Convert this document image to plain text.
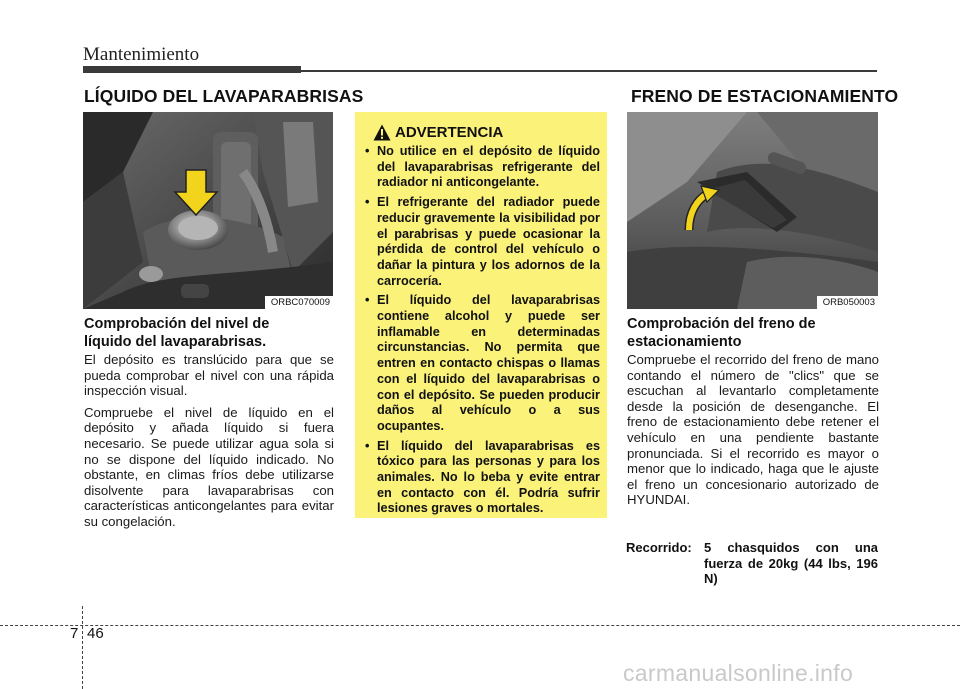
Mantenimiento
LÍQUIDO DEL LAVAPARABRISAS	FRENO DE ESTACIONAMIENTO
ORBC070009
Comprobación del nivel de
líquido del lavaparabrisas.

El depósito es translúcido para que se pueda comprobar el nivel con una rápida inspección visual.

Compruebe el nivel de líquido en el depósito y añada líquido si fuera necesario. Se puede utilizar agua sola si no se dispone del líquido indicado. No obstante, en climas fríos debe utilizarse disolvente para lavaparabrisas con características anticongelantes para evitar su congelación.

ADVERTENCIA
• No utilice en el depósito de líquido del lavaparabrisas refrigerante del radiador ni anticongelante.
• El refrigerante del radiador puede reducir gravemente la visibilidad por el parabrisas y puede ocasionar la pérdida de control del vehículo o dañar la pintura y los adornos de la carrocería.
• El líquido del lavaparabrisas contiene alcohol y puede ser inflamable en determinadas circunstancias. No permita que entren en contacto chispas o llamas con el líquido del lavaparabrisas o con el depósito. Se pueden producir daños al vehículo o a sus ocupantes.
• El líquido del lavaparabrisas es tóxico para las personas y para los animales. No lo beba y evite entrar en contacto con él. Podría sufrir lesiones graves o mortales.
ORB050003
Comprobación del freno de
estacionamiento

Compruebe el recorrido del freno de mano contando el número de "clics" que se escuchan al levantarlo completamente desde la posición de desenganche. El freno de estacionamiento debe retener el vehículo en una pendiente bastante pronunciada. Si el recorrido es mayor o menor que lo indicado, haga que le ajuste el freno un concesionario autorizado de HYUNDAI.

Recorrido: 5 chasquidos con una fuerza de 20kg (44 lbs, 196 N)
7 46
carmanualsonline.info
